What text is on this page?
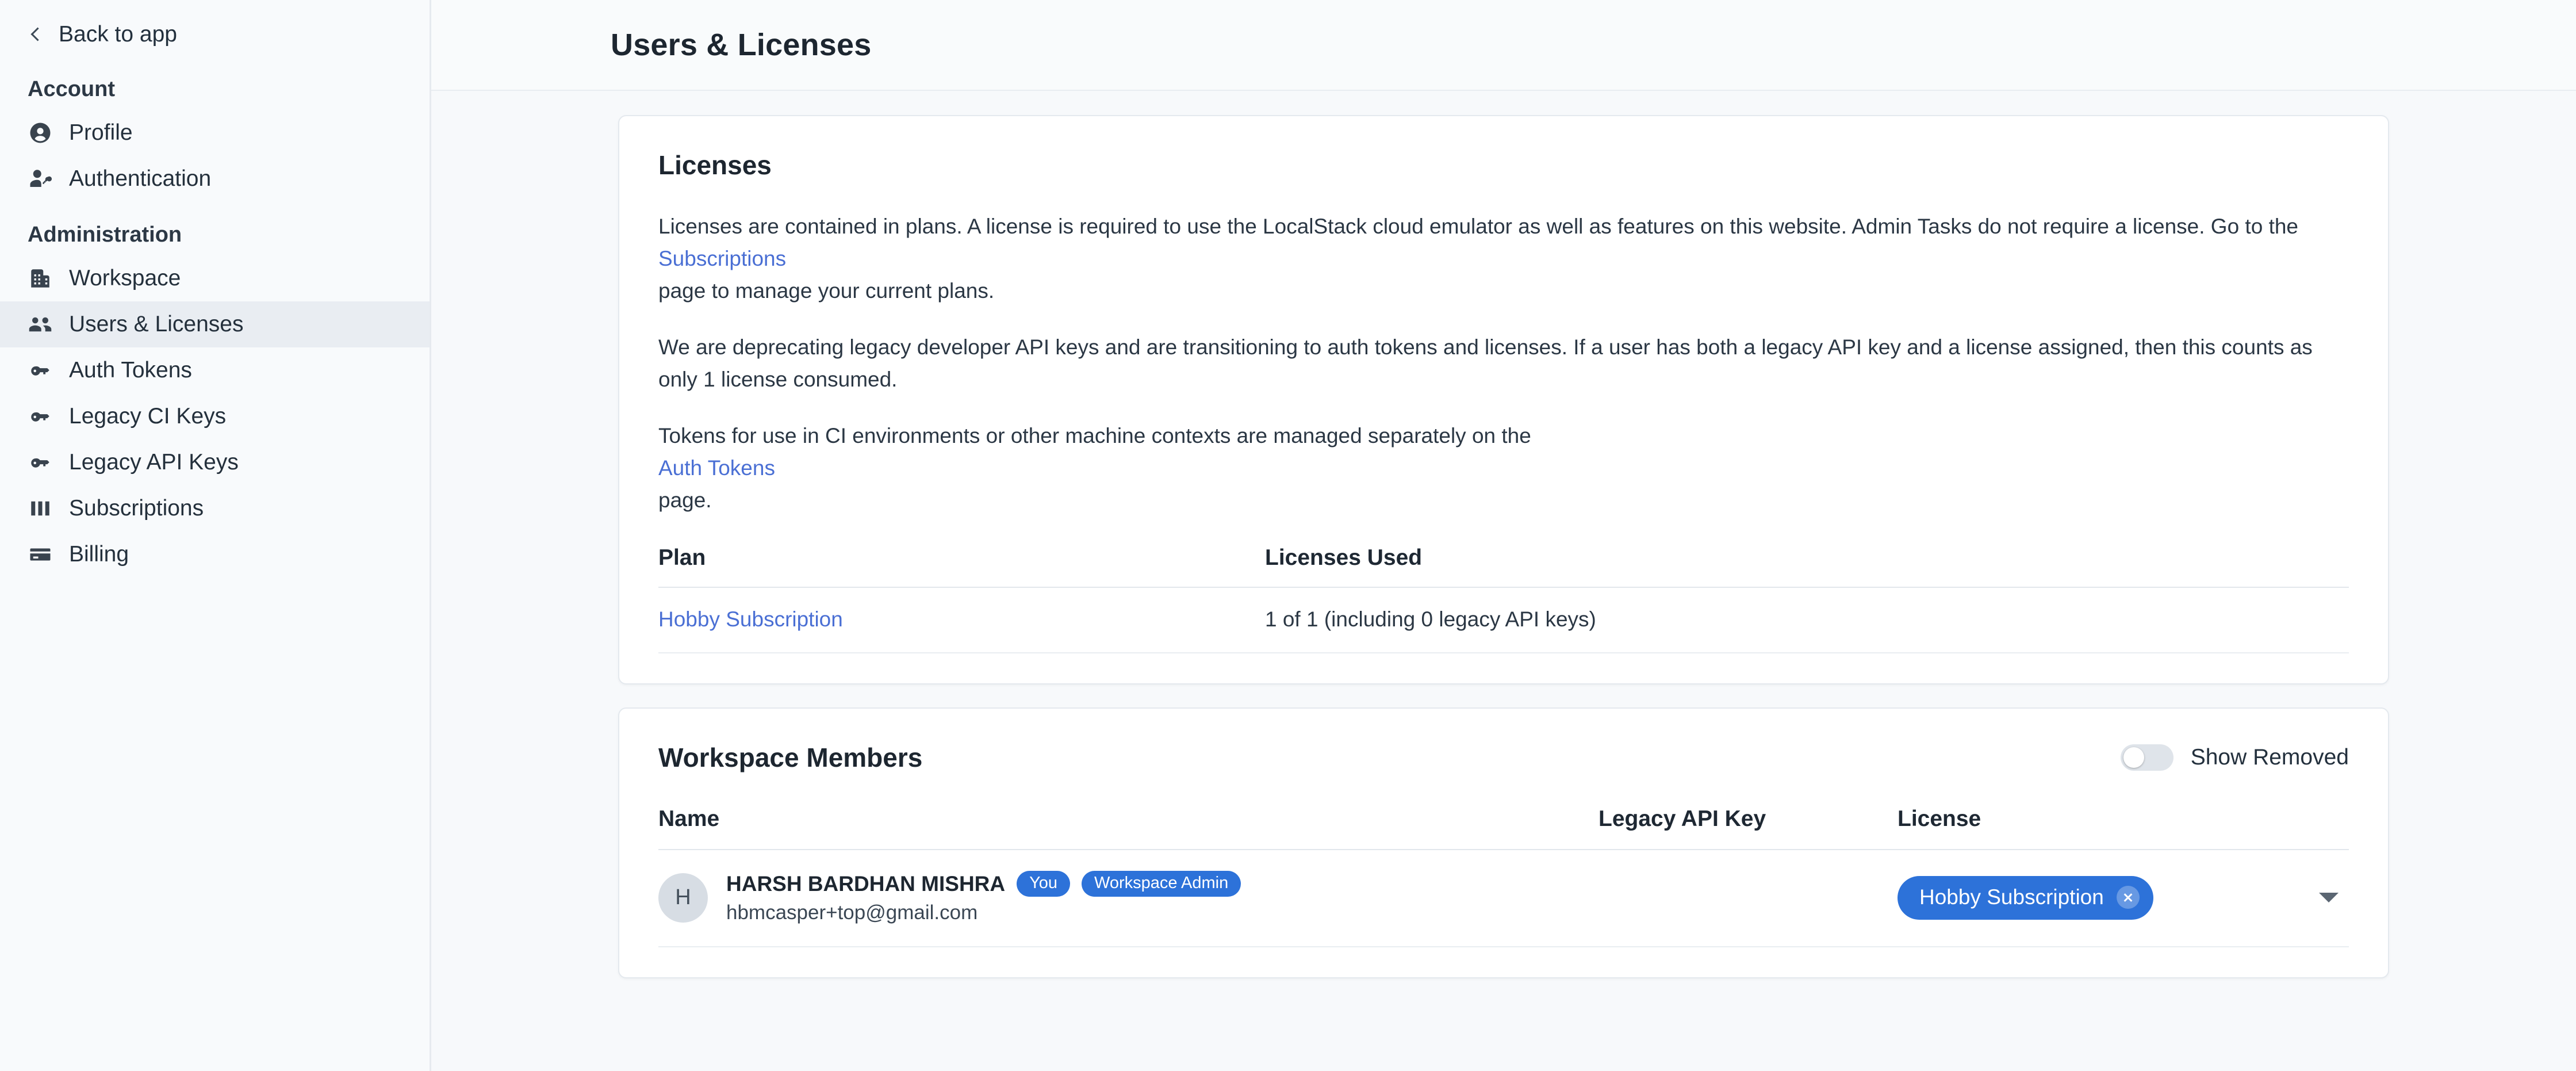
Back to app
Account
Profile
Authentication
Administration
Workspace
Users & Licenses
Auth Tokens
Legacy CI Keys
Legacy API Keys
Subscriptions
Billing
Users & Licenses
Licenses
Licenses are contained in plans. A license is required to use the LocalStack cloud emulator as well as features on this website. Admin Tasks do not require a license. Go to the
Subscriptions
page to manage your current plans.
We are deprecating legacy developer API keys and are transitioning to auth tokens and licenses. If a user has both a legacy API key and a license assigned, then this counts as only 1 license consumed.
Tokens for use in CI environments or other machine contexts are managed separately on the
Auth Tokens
page.
Plan	Licenses Used
Hobby Subscription	1 of 1 (including 0 legacy API keys)
Workspace Members	Show Removed
Name	Legacy API Key	License

H
HARSH BARDHAN MISHRA You Workspace Admin
hbmcasper+top@gmail.com		Hobby Subscription
